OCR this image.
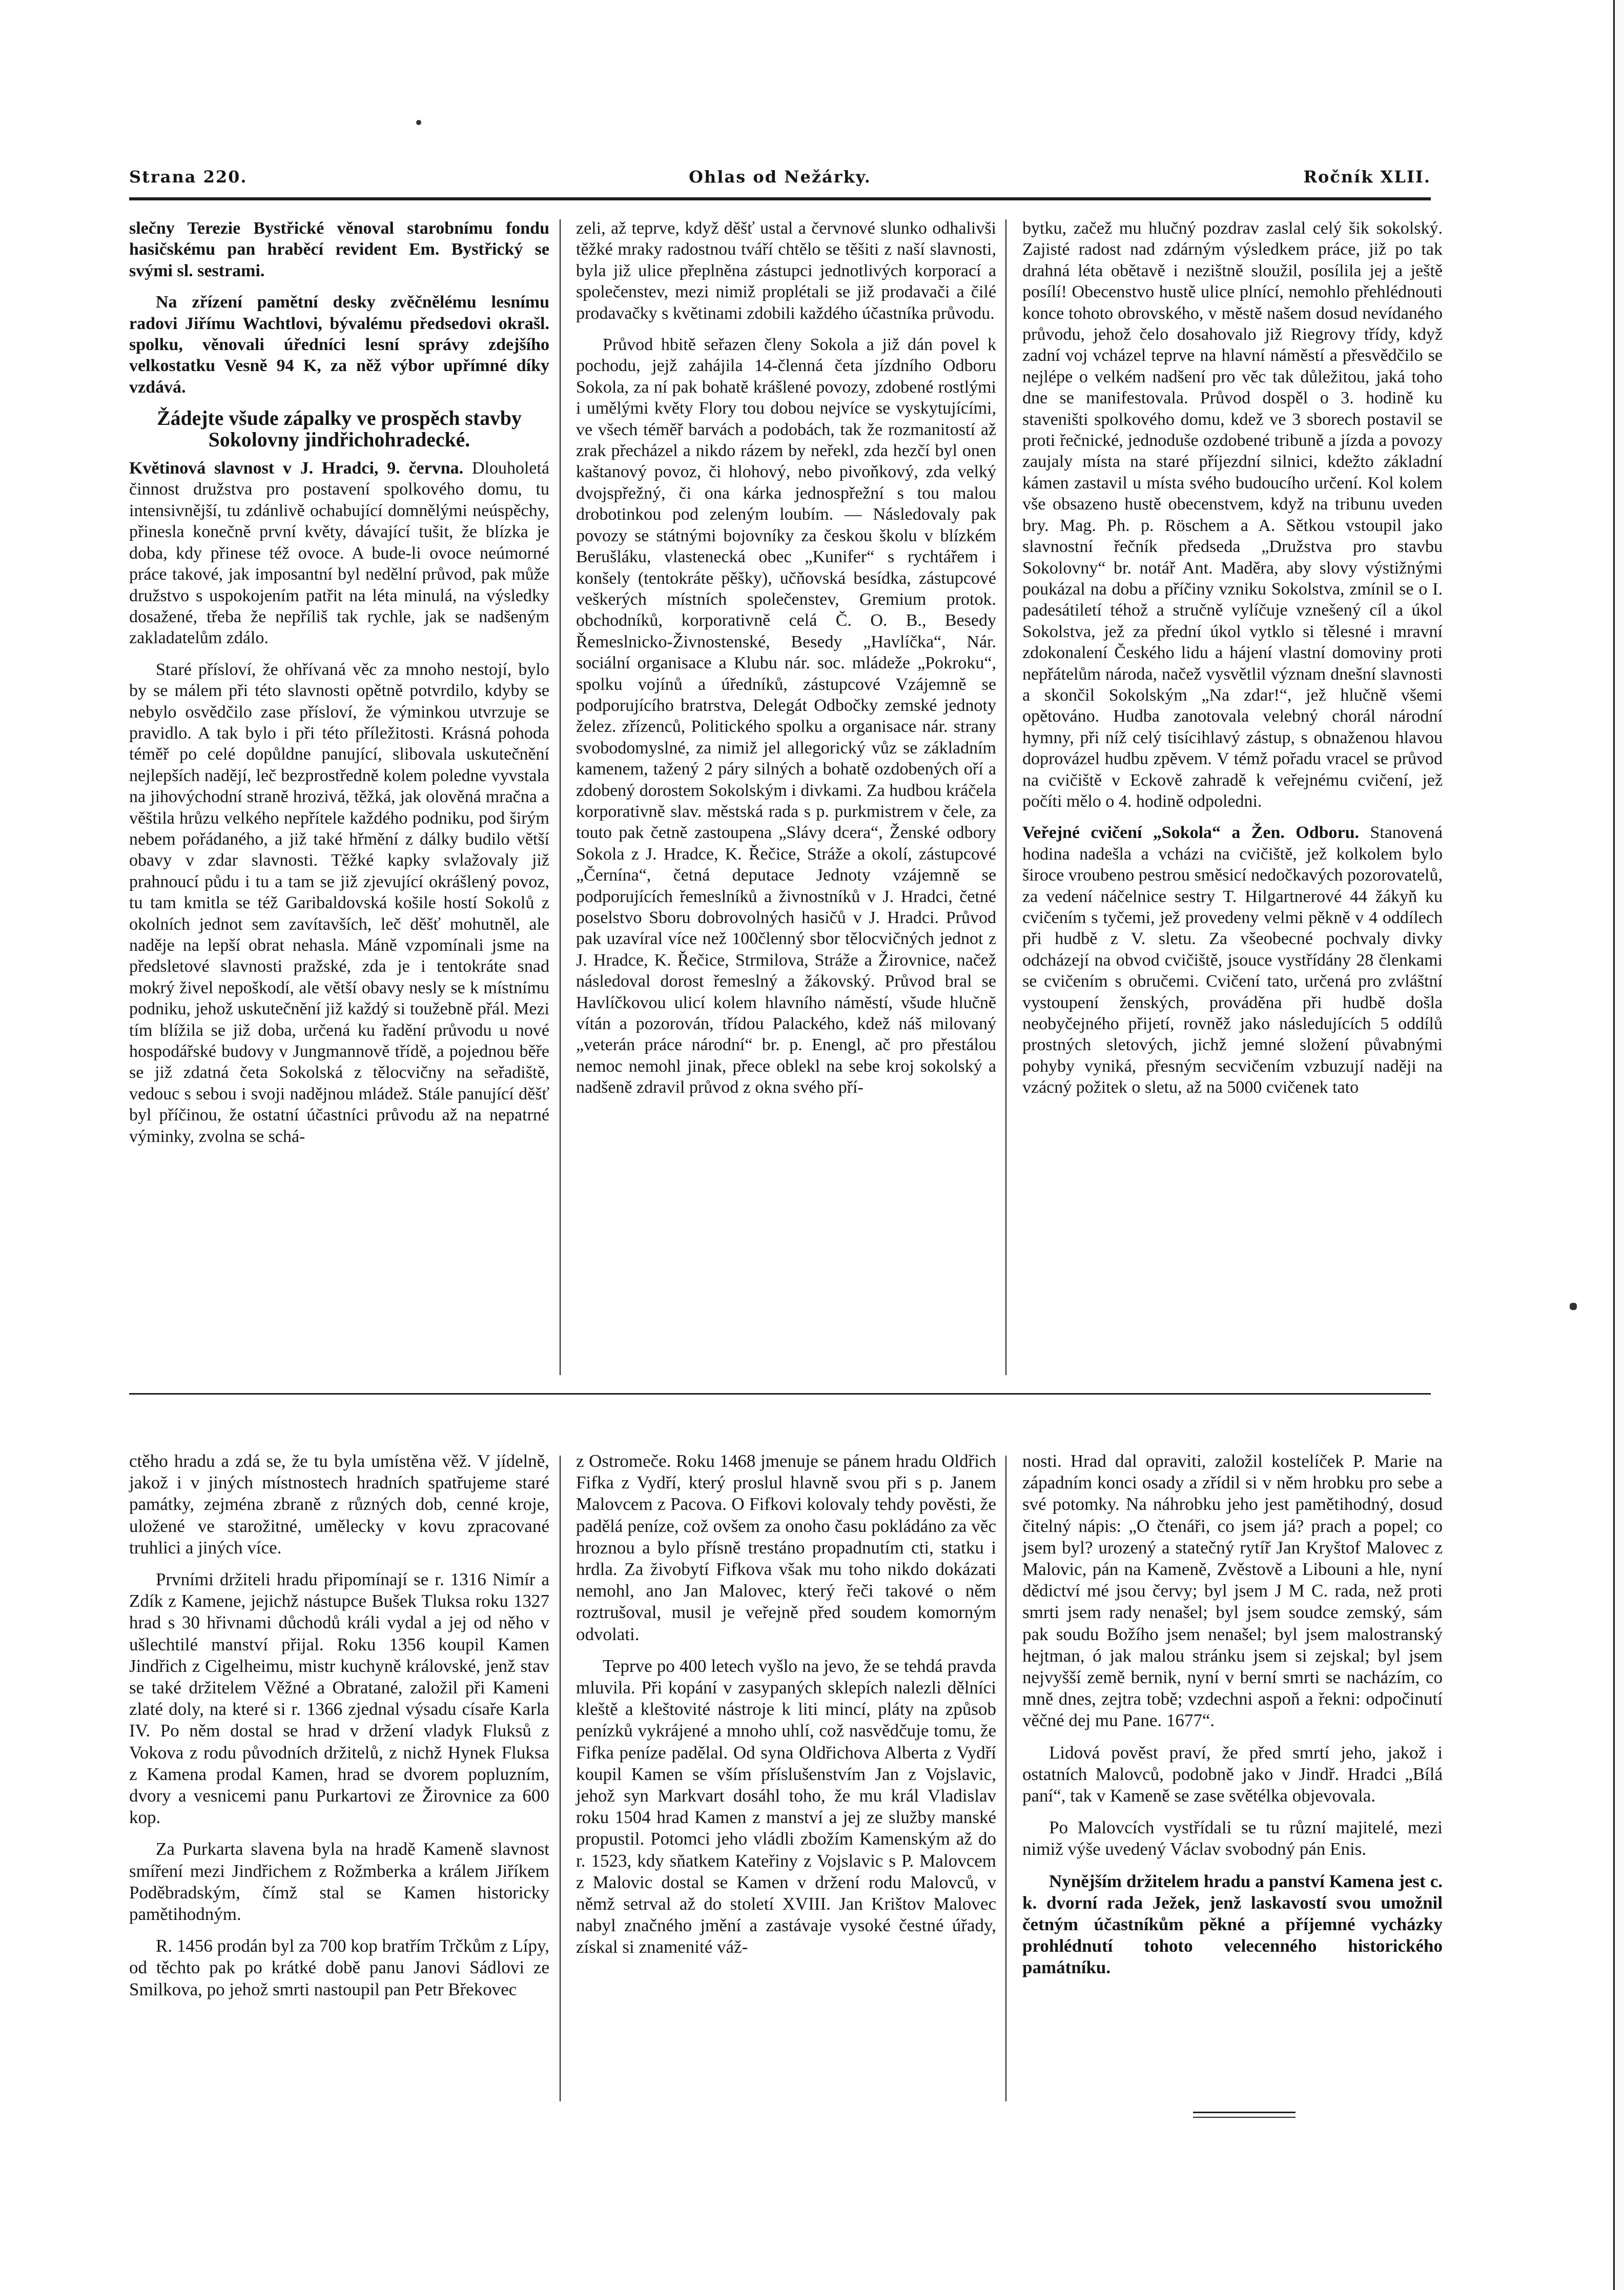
Strana 220.	Ohlas od Nežárky.	Ročník XLII.

slečny Terezie Bystřické věnoval starobnímu fondu hasičskému pan hraběcí revident Em. Bystřický se svými sl. sestrami.

Na zřízení pamětní desky zvěčnělému lesnímu radovi Jiřímu Wachtlovi, bývalému předsedovi okrašl. spolku, věnovali úředníci lesní správy zdejšího velkostatku Vesně 94 K, za něž výbor upřímné díky vzdává.

Žádejte všude zápalky ve prospěch stavby Sokolovny jindřichohradecké.

Květinová slavnost v J. Hradci, 9. června. Dlouholetá činnost družstva pro postavení spolkového domu, tu intensivnější, tu zdánlivě ochabující domnělými neúspěchy, přinesla konečně první květy, dávající tušit, že blízka je doba, kdy přinese též ovoce. A bude-li ovoce neúmorné práce takové, jak imposantní byl nedělní průvod, pak může družstvo s uspokojením patřit na léta minulá, na výsledky dosažené, třeba že nepříliš tak rychle, jak se nadšeným zakladatelům zdálo.

Staré přísloví, že ohřívaná věc za mnoho nestojí, bylo by se málem při této slavnosti opětně potvrdilo, kdyby se nebylo osvědčilo zase přísloví, že výminkou utvrzuje se pravidlo. A tak bylo i při této příležitosti. Krásná pohoda téměř po celé dopůldne panující, slibovala uskutečnění nejlepších nadějí, leč bezprostředně kolem poledne vyvstala na jihovýchodní straně hrozivá, těžká, jak olověná mračna a věštila hrůzu velkého nepřítele každého podniku, pod širým nebem pořádaného, a již také hřmění z dálky budilo větší obavy v zdar slavnosti. Těžké kapky svlažovaly již prahnoucí půdu i tu a tam se již zjevující okrášlený povoz, tu tam kmitla se též Garibaldovská košile hostí Sokolů z okolních jednot sem zavítavších, leč děšť mohutněl, ale naděje na lepší obrat nehasla. Máně vzpomínali jsme na předsletové slavnosti pražské, zda je i tentokráte snad mokrý živel nepoškodí, ale větší obavy nesly se k místnímu podniku, jehož uskutečnění již každý si toužebně přál. Mezi tím blížila se již doba, určená ku řadění průvodu u nové hospodářské budovy v Jungmannově třídě, a pojednou běře se již zdatná četa Sokolská z tělocvičny na seřadiště, vedouc s sebou i svoji nadějnou mládež. Stále panující děšť byl příčinou, že ostatní účastníci průvodu až na nepatrné výminky, zvolna se schá-

zeli, až teprve, když děšť ustal a červnové slunko odhalivši těžké mraky radostnou tváří chtělo se těšiti z naší slavnosti, byla již ulice přeplněna zástupci jednotlivých korporací a společenstev, mezi nimiž proplétali se již prodavači a čilé prodavačky s květinami zdobili každého účastníka průvodu.

Průvod hbitě seřazen členy Sokola a již dán povel k pochodu, jejž zahájila 14-členná četa jízdního Odboru Sokola, za ní pak bohatě krášlené povozy, zdobené rostlými i umělými květy Flory tou dobou nejvíce se vyskytujícími, ve všech téměř barvách a podobách, tak že rozmanitostí až zrak přecházel a nikdo rázem by neřekl, zda hezčí byl onen kaštanový povoz, či hlohový, nebo pivoňkový, zda velký dvojspřežný, či ona kárka jednospřežní s tou malou drobotinkou pod zeleným loubím. — Následovaly pak povozy se státnými bojovníky za českou školu v blízkém Berušláku, vlastenecká obec „Kunifer“ s rychtářem i konšely (tentokráte pěšky), učňovská besídka, zástupcové veškerých místních společenstev, Gremium protok. obchodníků, korporativně celá Č. O. B., Besedy Řemeslnicko-Živnostenské, Besedy „Havlíčka“, Nár. sociální organisace a Klubu nár. soc. mládeže „Pokroku“, spolku vojínů a úředníků, zástupcové Vzájemně se podporujícího bratrstva, Delegát Odbočky zemské jednoty želez. zřízenců, Politického spolku a organisace nár. strany svobodomyslné, za nimiž jel allegorický vůz se základním kamenem, tažený 2 páry silných a bohatě ozdobených oří a zdobený dorostem Sokolským i divkami. Za hudbou kráčela korporativně slav. městská rada s p. purkmistrem v čele, za touto pak četně zastoupena „Slávy dcera“, Ženské odbory Sokola z J. Hradce, K. Řečice, Stráže a okolí, zástupcové „Černína“, četná deputace Jednoty vzájemně se podporujících řemeslníků a živnostníků v J. Hradci, četné poselstvo Sboru dobrovolných hasičů v J. Hradci. Průvod pak uzavíral více než 100členný sbor tělocvičných jednot z J. Hradce, K. Řečice, Strmilova, Stráže a Žirovnice, načež následoval dorost řemeslný a žákovský. Průvod bral se Havlíčkovou ulicí kolem hlavního náměstí, všude hlučně vítán a pozorován, třídou Palackého, kdež náš milovaný „veterán práce národní“ br. p. Enengl, ač pro přestálou nemoc nemohl jinak, přece oblekl na sebe kroj sokolský a nadšeně zdravil průvod z okna svého pří-

bytku, začež mu hlučný pozdrav zaslal celý šik sokolský. Zajisté radost nad zdárným výsledkem práce, již po tak drahná léta obětavě i nezištně sloužil, posílila jej a ještě posílí! Obecenstvo hustě ulice plnící, nemohlo přehlédnouti konce tohoto obrovského, v městě našem dosud nevídaného průvodu, jehož čelo dosahovalo již Riegrovy třídy, když zadní voj vcházel teprve na hlavní náměstí a přesvědčilo se nejlépe o velkém nadšení pro věc tak důležitou, jaká toho dne se manifestovala. Průvod dospěl o 3. hodině ku staveništi spolkového domu, kdež ve 3 sborech postavil se proti řečnické, jednoduše ozdobené tribuně a jízda a povozy zaujaly místa na staré příjezdní silnici, kdežto základní kámen zastavil u místa svého budoucího určení. Kol kolem vše obsazeno hustě obecenstvem, když na tribunu uveden bry. Mag. Ph. p. Röschem a A. Sětkou vstoupil jako slavnostní řečník předseda „Družstva pro stavbu Sokolovny“ br. notář Ant. Maděra, aby slovy výstižnými poukázal na dobu a příčiny vzniku Sokolstva, zmínil se o I. padesátiletí téhož a stručně vylíčuje vznešený cíl a úkol Sokolstva, jež za přední úkol vytklo si tělesné i mravní zdokonalení Českého lidu a hájení vlastní domoviny proti nepřátelům národa, načež vysvětlil význam dnešní slavnosti a skončil Sokolským „Na zdar!“, jež hlučně všemi opětováno. Hudba zanotovala velebný chorál národní hymny, při níž celý tisícihlavý zástup, s obnaženou hlavou doprovázel hudbu zpěvem. V témž pořadu vracel se průvod na cvičiště v Eckově zahradě k veřejnému cvičení, jež počíti mělo o 4. hodině odpoledni.

Veřejné cvičení „Sokola“ a Žen. Odboru. Stanovená hodina nadešla a vcházi na cvičiště, jež kolkolem bylo široce vroubeno pestrou směsicí nedočkavých pozorovatelů, za vedení náčelnice sestry T. Hilgartnerové 44 žákyň ku cvičením s tyčemi, jež provedeny velmi pěkně v 4 oddílech při hudbě z V. sletu. Za všeobecné pochvaly divky odcházejí na obvod cvičiště, jsouce vystřídány 28 členkami se cvičením s obručemi. Cvičení tato, určená pro zvláštní vystoupení ženských, prováděna při hudbě došla neobyčejného přijetí, rovněž jako následujících 5 oddílů prostných sletových, jichž jemné složení půvabnými pohyby vyniká, přesným secvičením vzbuzují naději na vzácný požitek o sletu, až na 5000 cvičenek tato

ctěho hradu a zdá se, že tu byla umístěna věž. V jídelně, jakož i v jiných místnostech hradních spatřujeme staré památky, zejména zbraně z různých dob, cenné kroje, uložené ve starožitné, umělecky v kovu zpracované truhlici a jiných více.

Prvními držiteli hradu připomínají se r. 1316 Nimír a Zdík z Kamene, jejichž nástupce Bušek Tluksa roku 1327 hrad s 30 hřivnami důchodů králi vydal a jej od něho v ušlechtilé manství přijal. Roku 1356 koupil Kamen Jindřich z Cigelheimu, mistr kuchyně královské, jenž stav se také držitelem Věžné a Obratané, založil při Kameni zlaté doly, na které si r. 1366 zjednal výsadu císaře Karla IV. Po něm dostal se hrad v držení vladyk Fluksů z Vokova z rodu původních držitelů, z nichž Hynek Fluksa z Kamena prodal Kamen, hrad se dvorem popluzním, dvory a vesnicemi panu Purkartovi ze Žirovnice za 600 kop.

Za Purkarta slavena byla na hradě Kameně slavnost smíření mezi Jindřichem z Rožmberka a králem Jiříkem Poděbradským, čímž stal se Kamen historicky pamětihodným.

R. 1456 prodán byl za 700 kop bratřím Trčkům z Lípy, od těchto pak po krátké době panu Janovi Sádlovi ze Smilkova, po jehož smrti nastoupil pan Petr Břekovec

z Ostromeče. Roku 1468 jmenuje se pánem hradu Oldřich Fifka z Vydří, který proslul hlavně svou při s p. Janem Malovcem z Pacova. O Fifkovi kolovaly tehdy pověsti, že padělá peníze, což ovšem za onoho času pokládáno za věc hroznou a bylo přísně trestáno propadnutím cti, statku i hrdla. Za živobytí Fifkova však mu toho nikdo dokázati nemohl, ano Jan Malovec, který řeči takové o něm roztrušoval, musil je veřejně před soudem komorným odvolati.

Teprve po 400 letech vyšlo na jevo, že se tehdá pravda mluvila. Při kopání v zasypaných sklepích nalezli dělníci kleště a kleštovité nástroje k liti mincí, pláty na způsob penízků vykrájené a mnoho uhlí, což nasvědčuje tomu, že Fifka peníze padělal. Od syna Oldřichova Alberta z Vydří koupil Kamen se vším příslušenstvím Jan z Vojslavic, jehož syn Markvart dosáhl toho, že mu král Vladislav roku 1504 hrad Kamen z manství a jej ze služby manské propustil. Potomci jeho vládli zbožím Kamenským až do r. 1523, kdy sňatkem Kateřiny z Vojslavic s P. Malovcem z Malovic dostal se Kamen v držení rodu Malovců, v němž setrval až do století XVIII. Jan Krištov Malovec nabyl značného jmění a zastávaje vysoké čestné úřady, získal si znamenité váž-

nosti. Hrad dal opraviti, založil kostelíček P. Marie na západním konci osady a zřídil si v něm hrobku pro sebe a své potomky. Na náhrobku jeho jest pamětihodný, dosud čitelný nápis: „O čtenáři, co jsem já? prach a popel; co jsem byl? urozený a statečný rytíř Jan Kryštof Malovec z Malovic, pán na Kameně, Zvěstově a Libouni a hle, nyní dědictví mé jsou červy; byl jsem J M C. rada, než proti smrti jsem rady nenašel; byl jsem soudce zemský, sám pak soudu Božího jsem nenašel; byl jsem malostranský hejtman, ó jak malou stránku jsem si zejskal; byl jsem nejvyšší země bernik, nyní v berní smrti se nacházím, co mně dnes, zejtra tobě; vzdechni aspoň a řekni: odpočinutí věčné dej mu Pane. 1677“.

Lidová pověst praví, že před smrtí jeho, jakož i ostatních Malovců, podobně jako v Jindř. Hradci „Bílá paní“, tak v Kameně se zase světélka objevovala.

Po Malovcích vystřídali se tu různí majitelé, mezi nimiž výše uvedený Václav svobodný pán Enis.

Nynějším držitelem hradu a panství Kamena jest c. k. dvorní rada Ježek, jenž laskavostí svou umožnil četným účastníkům pěkné a příjemné vycházky prohlédnutí tohoto velecenného historického památníku.
